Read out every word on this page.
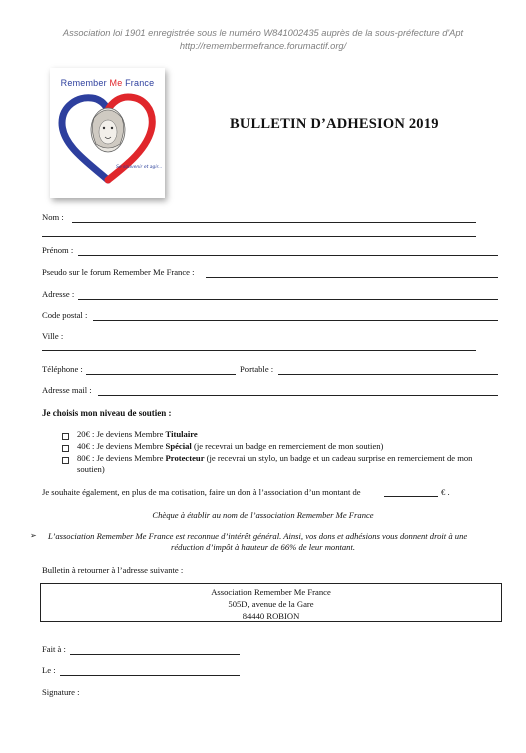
Association loi 1901 enregistrée sous le numéro W841002435 auprès de la sous-préfecture d'Apt
http://remembermefrance.forumactif.org/
Remember Me France
Se souvenir et agir...
BULLETIN D’ADHESION 2019
Nom :
Prénom :
Pseudo sur le forum Remember Me France :
Adresse :
Code postal :
Ville :
Téléphone :	Portable :
Adresse mail :
Je choisis mon niveau de soutien :
20€ : Je deviens Membre Titulaire
40€ : Je deviens Membre Spécial (je recevrai un badge en remerciement de mon soutien)
80€ : Je deviens Membre Protecteur (je recevrai un stylo, un badge et un cadeau surprise en remerciement de mon soutien)
Je souhaite également, en plus de ma cotisation, faire un don à l’association d’un montant de	€ .
Chèque à établir au nom de l’association Remember Me France
➢ L’association Remember Me France est reconnue d’intérêt général. Ainsi, vos dons et adhésions vous donnent droit à une
réduction d’impôt à hauteur de 66% de leur montant.
Bulletin à retourner à l’adresse suivante :
Association Remember Me France
505D, avenue de la Gare
84440 ROBION
Fait à :
Le :
Signature :
